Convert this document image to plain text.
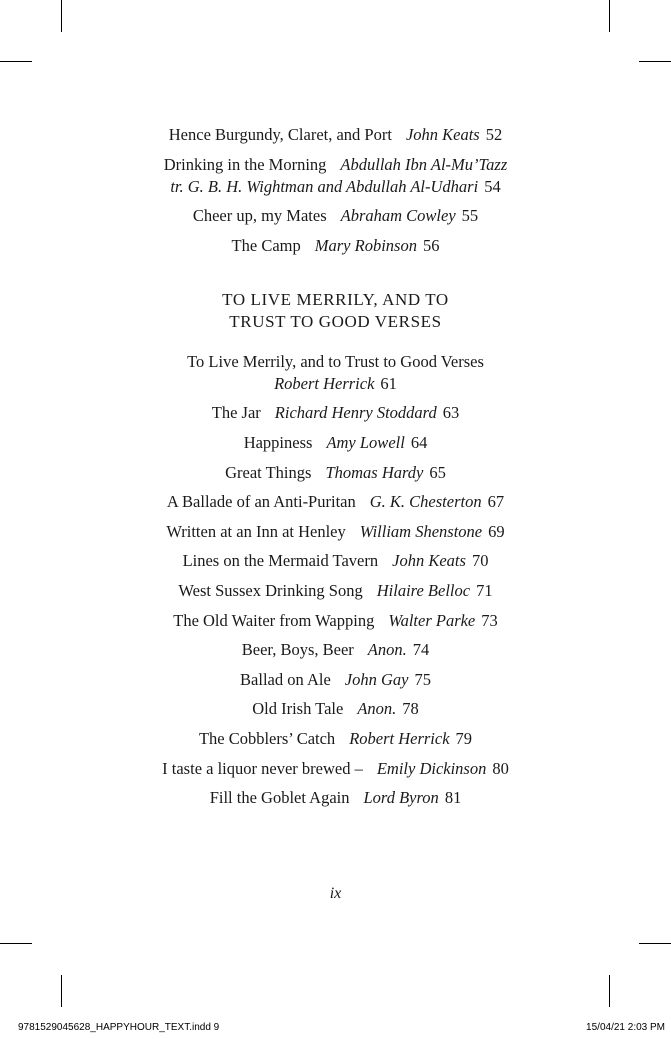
Hence Burgundy, Claret, and Port John Keats 52
Drinking in the Morning Abdullah Ibn Al-Mu’Tazz
tr. G. B. H. Wightman and Abdullah Al-Udhari 54
Cheer up, my Mates Abraham Cowley 55
The Camp Mary Robinson 56
TO LIVE MERRILY, AND TO
TRUST TO GOOD VERSES
To Live Merrily, and to Trust to Good Verses
Robert Herrick 61
The Jar Richard Henry Stoddard 63
Happiness Amy Lowell 64
Great Things Thomas Hardy 65
A Ballade of an Anti-Puritan G. K. Chesterton 67
Written at an Inn at Henley William Shenstone 69
Lines on the Mermaid Tavern John Keats 70
West Sussex Drinking Song Hilaire Belloc 71
The Old Waiter from Wapping Walter Parke 73
Beer, Boys, Beer Anon. 74
Ballad on Ale John Gay 75
Old Irish Tale Anon. 78
The Cobblers’ Catch Robert Herrick 79
I taste a liquor never brewed – Emily Dickinson 80
Fill the Goblet Again Lord Byron 81
ix
9781529045628_HAPPYHOUR_TEXT.indd 9	15/04/21 2:03 PM
